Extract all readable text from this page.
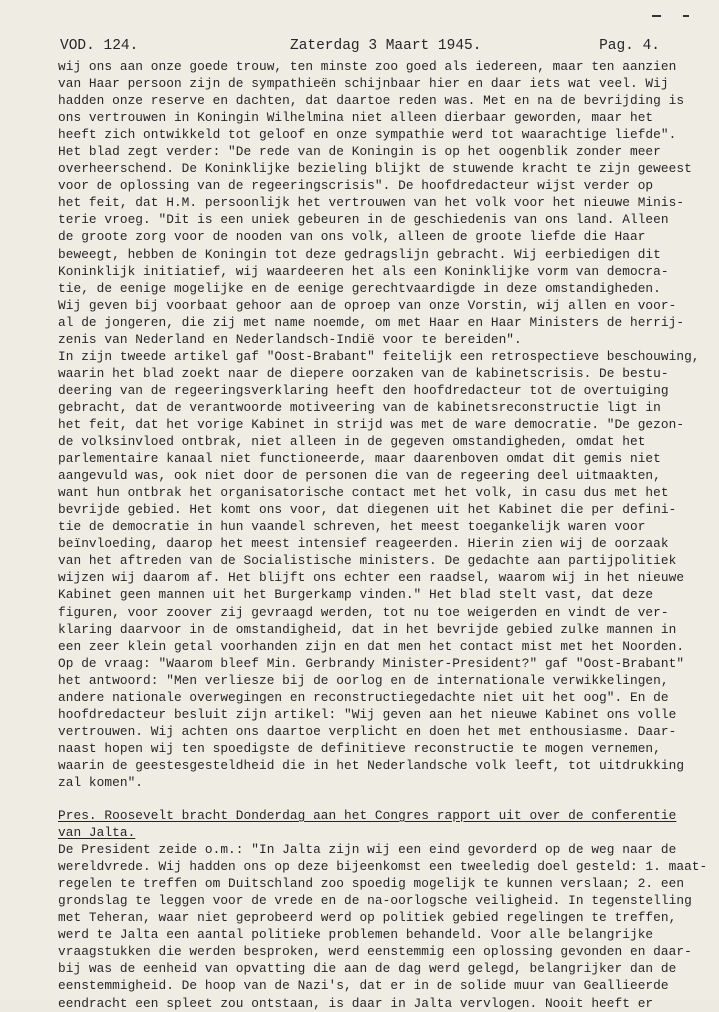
VOD. 124.	Zaterdag 3 Maart 1945.	Pag. 4.
wij ons aan onze goede trouw, ten minste zoo goed als iedereen, maar ten aanzien
van Haar persoon zijn de sympathieën schijnbaar hier en daar iets wat veel. Wij
hadden onze reserve en dachten, dat daartoe reden was. Met en na de bevrijding is
ons vertrouwen in Koningin Wilhelmina niet alleen dierbaar geworden, maar het
heeft zich ontwikkeld tot geloof en onze sympathie werd tot waarachtige liefde".
Het blad zegt verder: "De rede van de Koningin is op het oogenblik zonder meer
overheerschend. De Koninklijke bezieling blijkt de stuwende kracht te zijn geweest
voor de oplossing van de regeeringscrisis". De hoofdredacteur wijst verder op
het feit, dat H.M. persoonlijk het vertrouwen van het volk voor het nieuwe Minis-
terie vroeg. "Dit is een uniek gebeuren in de geschiedenis van ons land. Alleen
de groote zorg voor de nooden van ons volk, alleen de groote liefde die Haar
beweegt, hebben de Koningin tot deze gedragslijn gebracht. Wij eerbiedigen dit
Koninklijk initiatief, wij waardeeren het als een Koninklijke vorm van democra-
tie, de eenige mogelijke en de eenige gerechtvaardigde in deze omstandigheden.
Wij geven bij voorbaat gehoor aan de oproep van onze Vorstin, wij allen en voor-
al de jongeren, die zij met name noemde, om met Haar en Haar Ministers de herrij-
zenis van Nederland en Nederlandsch-Indië voor te bereiden".
In zijn tweede artikel gaf "Oost-Brabant" feitelijk een retrospectieve beschouwing,
waarin het blad zoekt naar de diepere oorzaken van de kabinetscrisis. De bestu-
deering van de regeeringsverklaring heeft den hoofdredacteur tot de overtuiging
gebracht, dat de verantwoorde motiveering van de kabinetsreconstructie ligt in
het feit, dat het vorige Kabinet in strijd was met de ware democratie. "De gezon-
de volksinvloed ontbrak, niet alleen in de gegeven omstandigheden, omdat het
parlementaire kanaal niet functioneerde, maar daarenboven omdat dit gemis niet
aangevuld was, ook niet door de personen die van de regeering deel uitmaakten,
want hun ontbrak het organisatorische contact met het volk, in casu dus met het
bevrijde gebied. Het komt ons voor, dat diegenen uit het Kabinet die per defini-
tie de democratie in hun vaandel schreven, het meest toegankelijk waren voor
beïnvloeding, daarop het meest intensief reageerden. Hierin zien wij de oorzaak
van het aftreden van de Socialistische ministers. De gedachte aan partijpolitiek
wijzen wij daarom af. Het blijft ons echter een raadsel, waarom wij in het nieuwe
Kabinet geen mannen uit het Burgerkamp vinden." Het blad stelt vast, dat deze
figuren, voor zoover zij gevraagd werden, tot nu toe weigerden en vindt de ver-
klaring daarvoor in de omstandigheid, dat in het bevrijde gebied zulke mannen in
een zeer klein getal voorhanden zijn en dat men het contact mist met het Noorden.
Op de vraag: "Waarom bleef Min. Gerbrandy Minister-President?" gaf "Oost-Brabant"
het antwoord: "Men verliesze bij de oorlog en de internationale verwikkelingen,
andere nationale overwegingen en reconstructiegedachte niet uit het oog". En de
hoofdredacteur besluit zijn artikel: "Wij geven aan het nieuwe Kabinet ons volle
vertrouwen. Wij achten ons daartoe verplicht en doen het met enthousiasme. Daar-
naast hopen wij ten spoedigste de definitieve reconstructie te mogen vernemen,
waarin de geestesgesteldheid die in het Nederlandsche volk leeft, tot uitdrukking
zal komen".
Pres. Roosevelt bracht Donderdag aan het Congres rapport uit over de conferentie
van Jalta.
De President zeide o.m.: "In Jalta zijn wij een eind gevorderd op de weg naar de
wereldvrede. Wij hadden ons op deze bijeenkomst een tweeledig doel gesteld: 1. maat-
regelen te treffen om Duitschland zoo spoedig mogelijk te kunnen verslaan; 2. een
grondslag te leggen voor de vrede en de na-oorlogsche veiligheid. In tegenstelling
met Teheran, waar niet geprobeerd werd op politiek gebied regelingen te treffen,
werd te Jalta een aantal politieke problemen behandeld. Voor alle belangrijke
vraagstukken die werden besproken, werd eenstemmig een oplossing gevonden en daar-
bij was de eenheid van opvatting die aan de dag werd gelegd, belangrijker dan de
eenstemmigheid. De hoop van de Nazi's, dat er in de solide muur van Geallieerde
eendracht een spleet zou ontstaan, is daar in Jalta vervlogen. Nooit heeft er
